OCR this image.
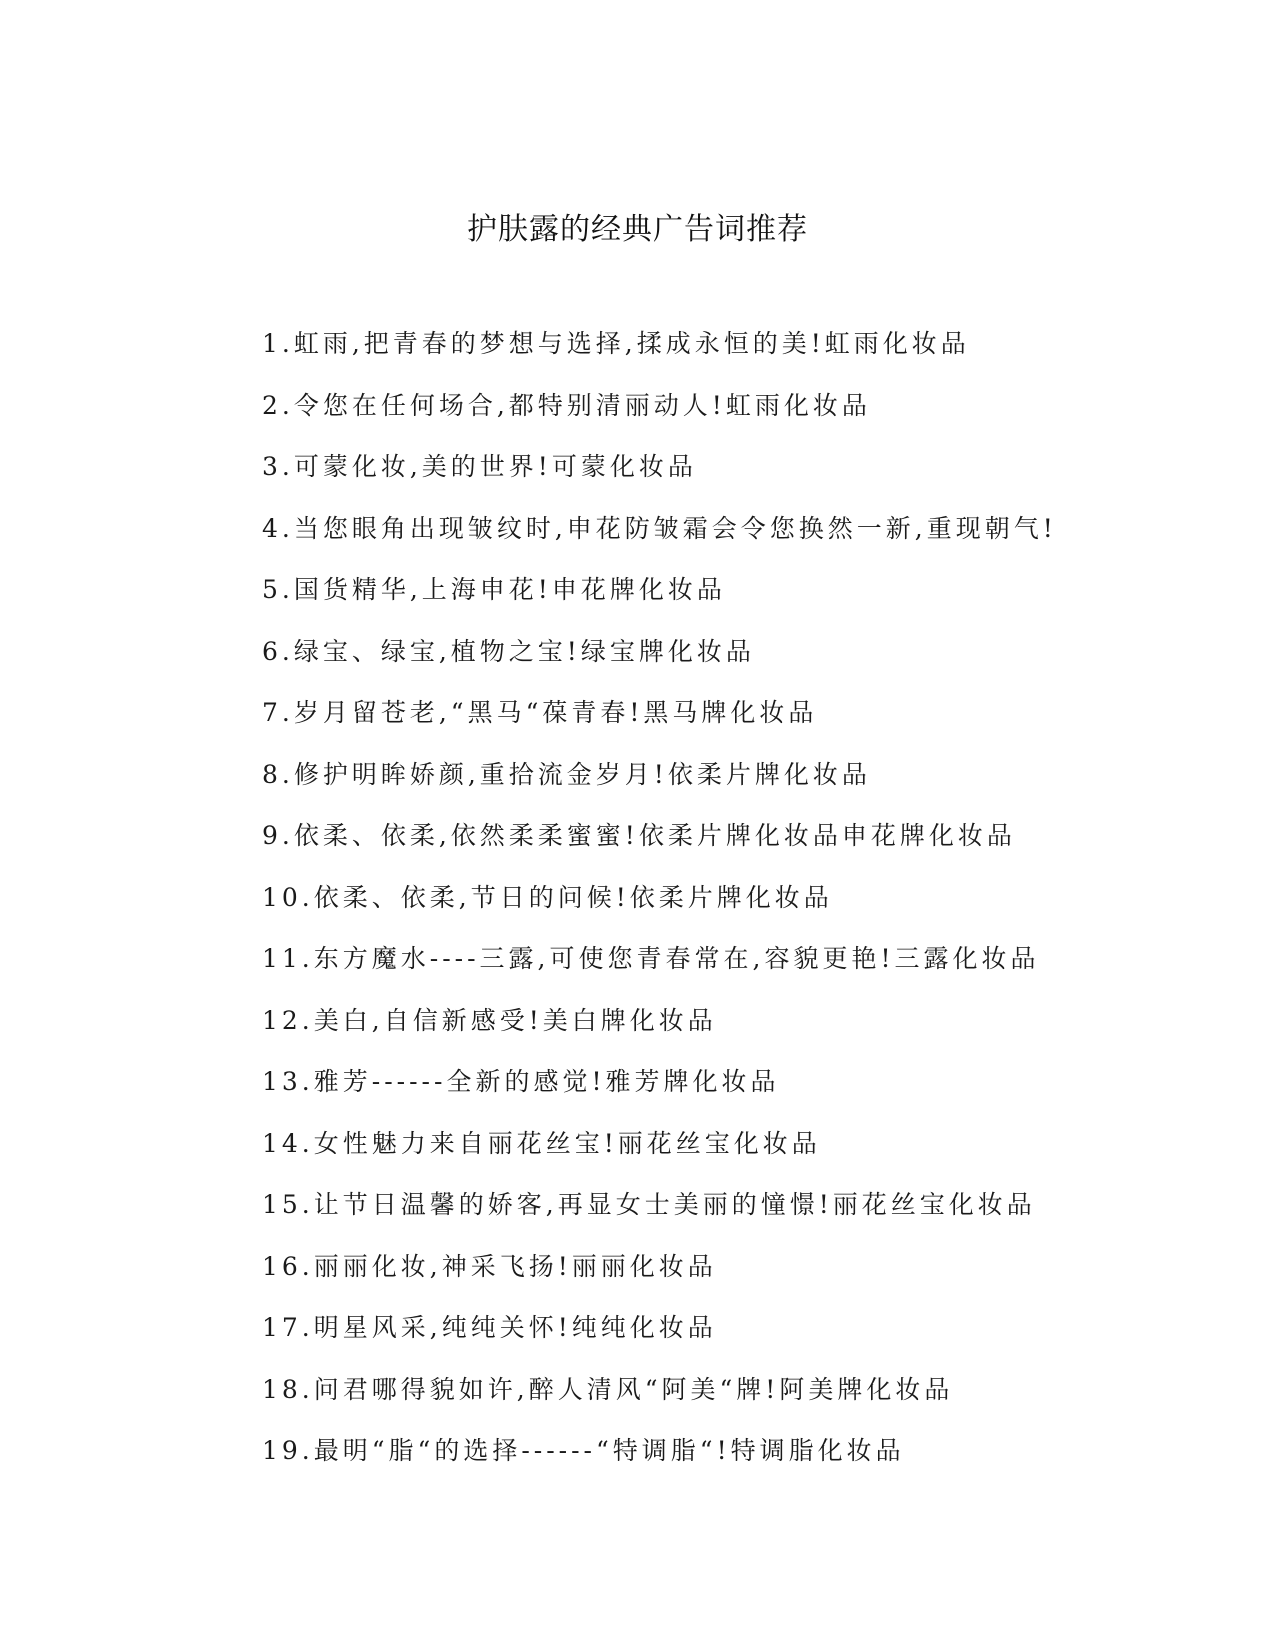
护肤露的经典广告词推荐
1.虹雨,把青春的梦想与选择,揉成永恒的美!虹雨化妆品
2.令您在任何场合,都特别清丽动人!虹雨化妆品
3.可蒙化妆,美的世界!可蒙化妆品
4.当您眼角出现皱纹时,申花防皱霜会令您换然一新,重现朝气!
5.国货精华,上海申花!申花牌化妆品
6.绿宝、绿宝,植物之宝!绿宝牌化妆品
7.岁月留苍老,“黑马“葆青春!黑马牌化妆品
8.修护明眸娇颜,重拾流金岁月!依柔片牌化妆品
9.依柔、依柔,依然柔柔蜜蜜!依柔片牌化妆品申花牌化妆品
10.依柔、依柔,节日的问候!依柔片牌化妆品
11.东方魔水----三露,可使您青春常在,容貌更艳!三露化妆品
12.美白,自信新感受!美白牌化妆品
13.雅芳------全新的感觉!雅芳牌化妆品
14.女性魅力来自丽花丝宝!丽花丝宝化妆品
15.让节日温馨的娇客,再显女士美丽的憧憬!丽花丝宝化妆品
16.丽丽化妆,神采飞扬!丽丽化妆品
17.明星风采,纯纯关怀!纯纯化妆品
18.问君哪得貌如许,醉人清风“阿美“牌!阿美牌化妆品
19.最明“脂“的选择------“特调脂“!特调脂化妆品
